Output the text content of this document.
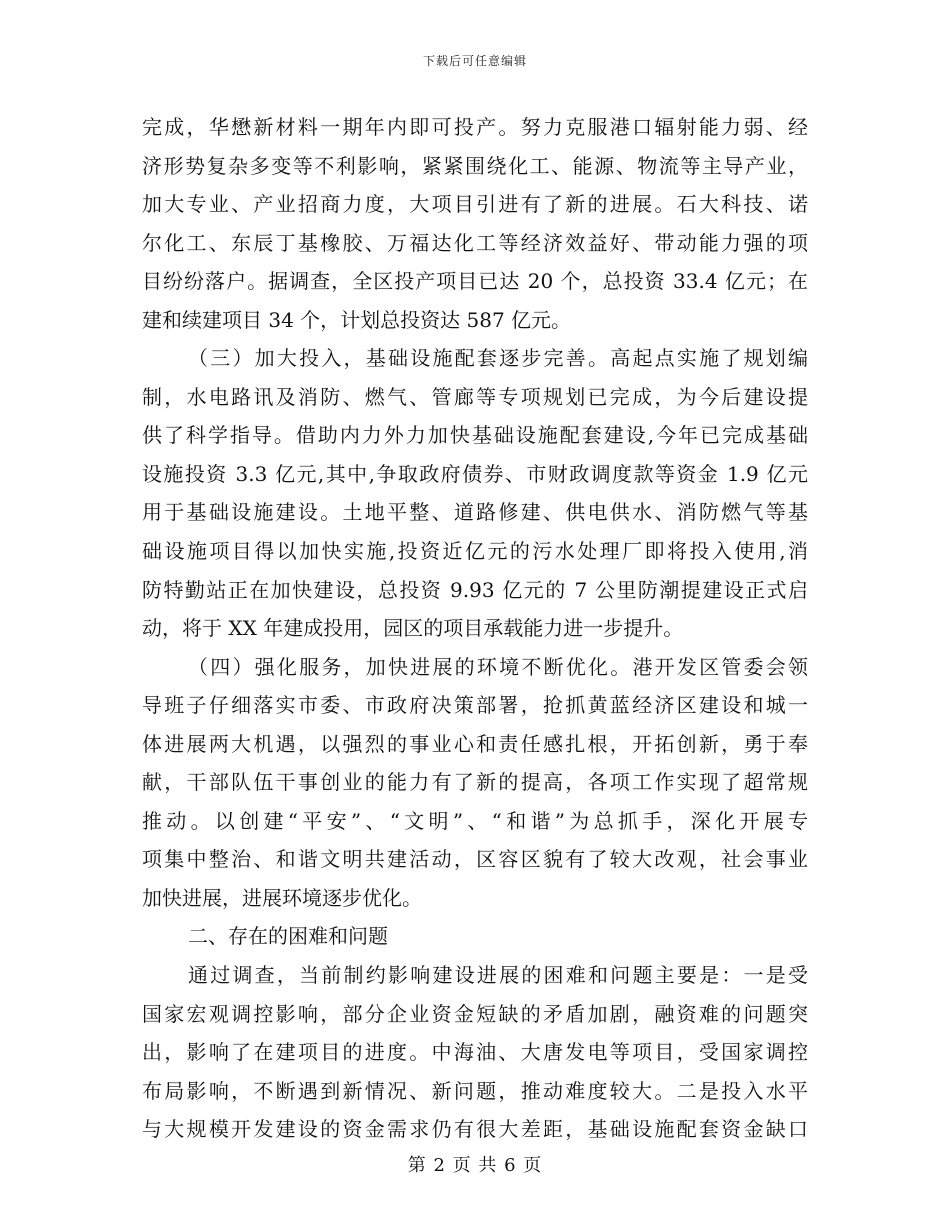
下载后可任意编辑
完成，华懋新材料一期年内即可投产。努力克服港口辐射能力弱、经
济形势复杂多变等不利影响，紧紧围绕化工、能源、物流等主导产业，
加大专业、产业招商力度，大项目引进有了新的进展。石大科技、诺
尔化工、东辰丁基橡胶、万福达化工等经济效益好、带动能力强的项
目纷纷落户。据调查，全区投产项目已达 20 个，总投资 33.4 亿元；在
建和续建项目 34 个，计划总投资达 587 亿元。
（三）加大投入，基础设施配套逐步完善。高起点实施了规划编
制，水电路讯及消防、燃气、管廊等专项规划已完成，为今后建设提
供了科学指导。借助内力外力加快基础设施配套建设,今年已完成基础
设施投资 3.3 亿元,其中,争取政府债券、市财政调度款等资金 1.9 亿元
用于基础设施建设。土地平整、道路修建、供电供水、消防燃气等基
础设施项目得以加快实施,投资近亿元的污水处理厂即将投入使用,消
防特勤站正在加快建设，总投资 9.93 亿元的 7 公里防潮提建设正式启
动，将于 XX 年建成投用，园区的项目承载能力进一步提升。
（四）强化服务，加快进展的环境不断优化。港开发区管委会领
导班子仔细落实市委、市政府决策部署，抢抓黄蓝经济区建设和城一
体进展两大机遇，以强烈的事业心和责任感扎根，开拓创新，勇于奉
献，干部队伍干事创业的能力有了新的提高，各项工作实现了超常规
推动。以创建“平安”、“文明”、“和谐”为总抓手，深化开展专
项集中整治、和谐文明共建活动，区容区貌有了较大改观，社会事业
加快进展，进展环境逐步优化。
二、存在的困难和问题
通过调查，当前制约影响建设进展的困难和问题主要是：一是受
国家宏观调控影响，部分企业资金短缺的矛盾加剧，融资难的问题突
出，影响了在建项目的进度。中海油、大唐发电等项目，受国家调控
布局影响，不断遇到新情况、新问题，推动难度较大。二是投入水平
与大规模开发建设的资金需求仍有很大差距，基础设施配套资金缺口
第 2 页 共 6 页
